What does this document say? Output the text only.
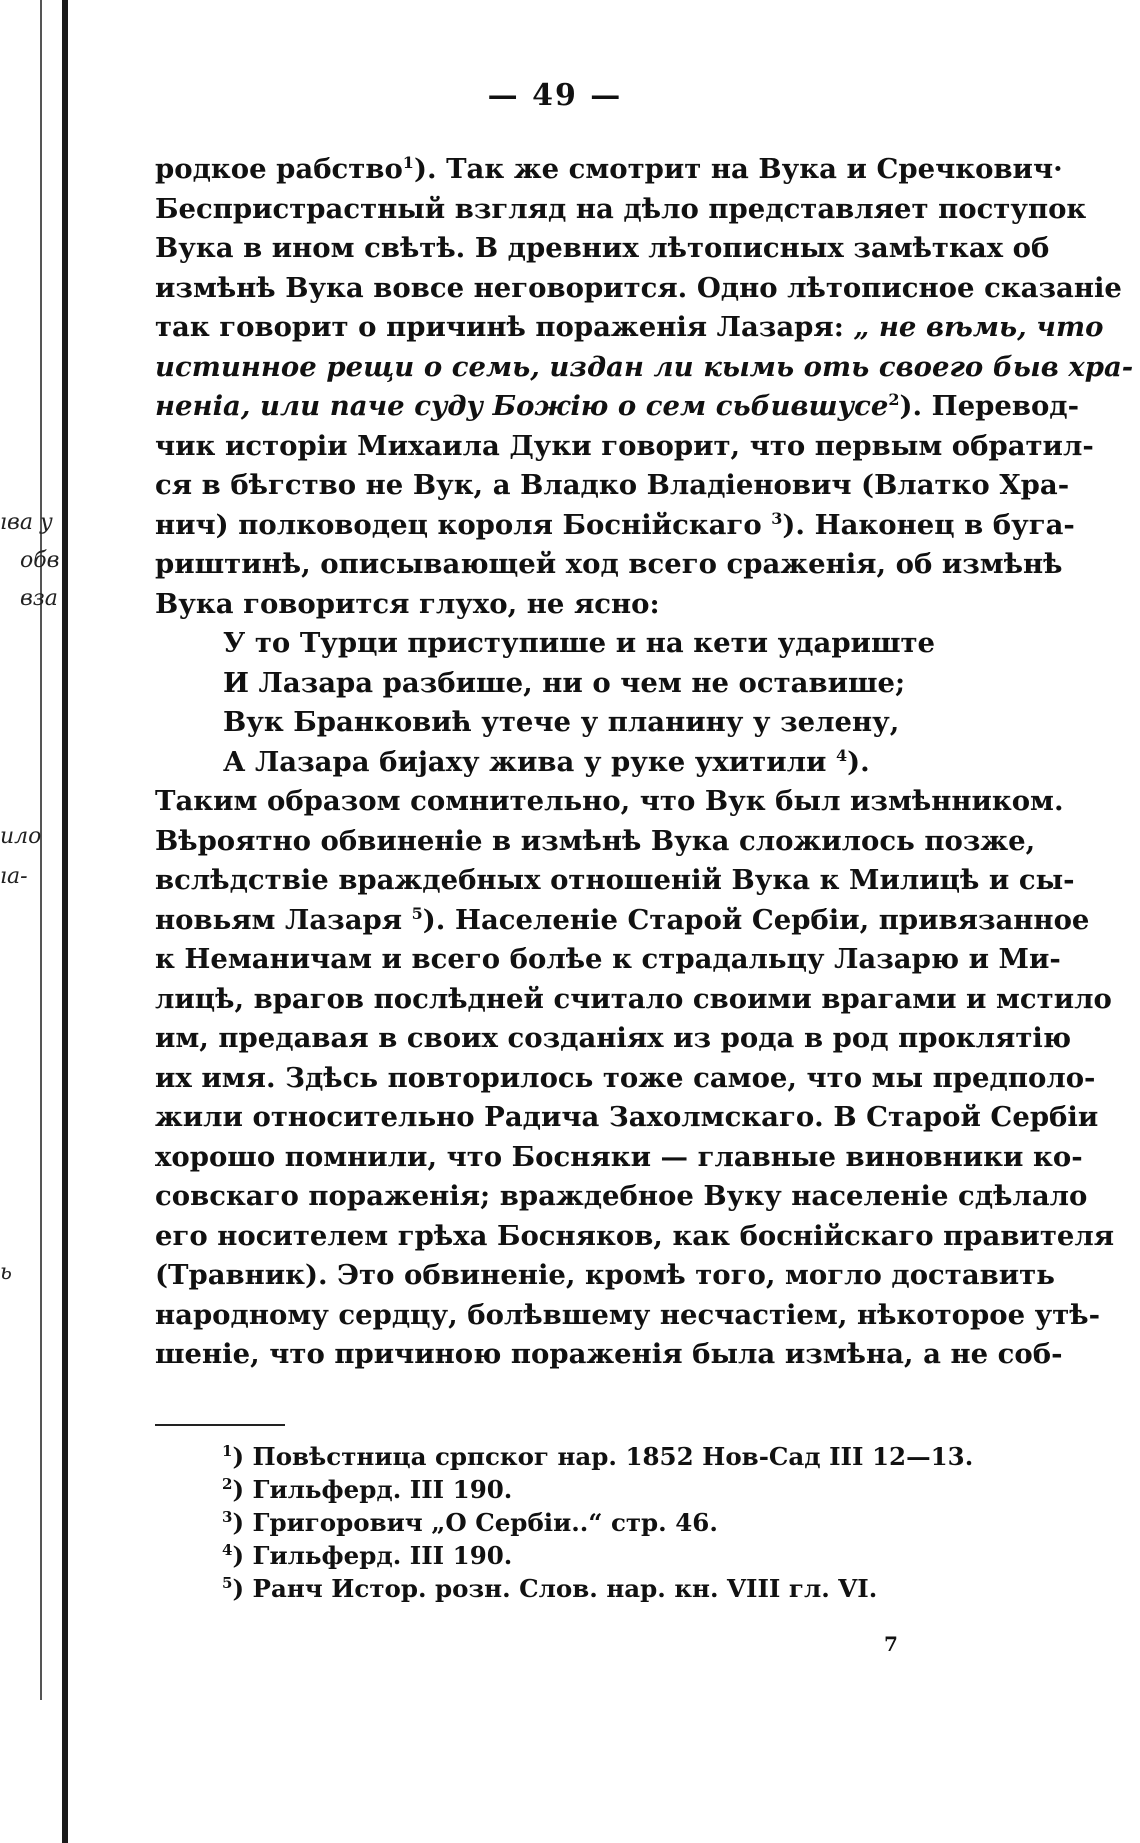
ıва у
обв
вза
ило
ıа-
ь
— 49 —
родкое рабство$^1$). Так же смотрит на Вука и Сречкович·
Беспристрастный взгляд на дѣло представляет поступок
Вука в ином свѣтѣ. В древних лѣтописных замѣтках об
измѣнѣ Вука вовсе неговорится. Одно лѣтописное сказаніе
так говорит о причинѣ пораженія Лазаря: „ не вѣмь, что
истинное рещи о семь, издан ли кымь оть своего быв хра-
неніа, или паче суду Божію о сем сьбившусе$^2$). Перевод-
чик исторіи Михаила Дуки говорит, что первым обратил-
ся в бѣгство не Вук, а Владко Владіенович (Влатко Хра-
нич) полководец короля Боснійскаго $^3$). Наконец в буга-
риштинѣ, описывающей ход всего сраженія, об измѣнѣ
Вука говорится глухо, не ясно:
У то Турци приступише и на кети удариште
И Лазара разбише, ни о чем не оставише;
Вук Бранковић утече у планину у зелену,
А Лазара бијаху жива у руке ухитили $^4$).
Таким образом сомнительно, что Вук был измѣнником.
Вѣроятно обвиненіе в измѣнѣ Вука сложилось позже,
вслѣдствіе враждебных отношеній Вука к Милицѣ и сы-
новьям Лазаря $^5$). Населеніе Старой Сербіи, привязанное
к Неманичам и всего болѣе к страдальцу Лазарю и Ми-
лицѣ, врагов послѣдней считало своими врагами и мстило
им, предавая в своих созданіях из рода в род проклятію
их имя. Здѣсь повторилось тоже самое, что мы предполо-
жили относительно Радича Захолмскаго. В Старой Сербіи
хорошо помнили, что Босняки — главные виновники ко-
совскаго пораженія; враждебное Вуку населеніе сдѣлало
его носителем грѣха Босняков, как боснійскаго правителя
(Травник). Это обвиненіе, кромѣ того, могло доставить
народному сердцу, болѣвшему несчастіем, нѣкоторое утѣ-
шеніе, что причиною пораженія была измѣна, а не соб-
$^1$) Повѣстница српског нар. 1852 Нов-Сад III 12—13.
$^2$) Гильферд. III 190.
$^3$) Григорович „О Сербіи..“ стр. 46.
$^4$) Гильферд. III 190.
$^5$) Ранч Истор. розн. Слов. нар. кн. VIII гл. VI.
7
